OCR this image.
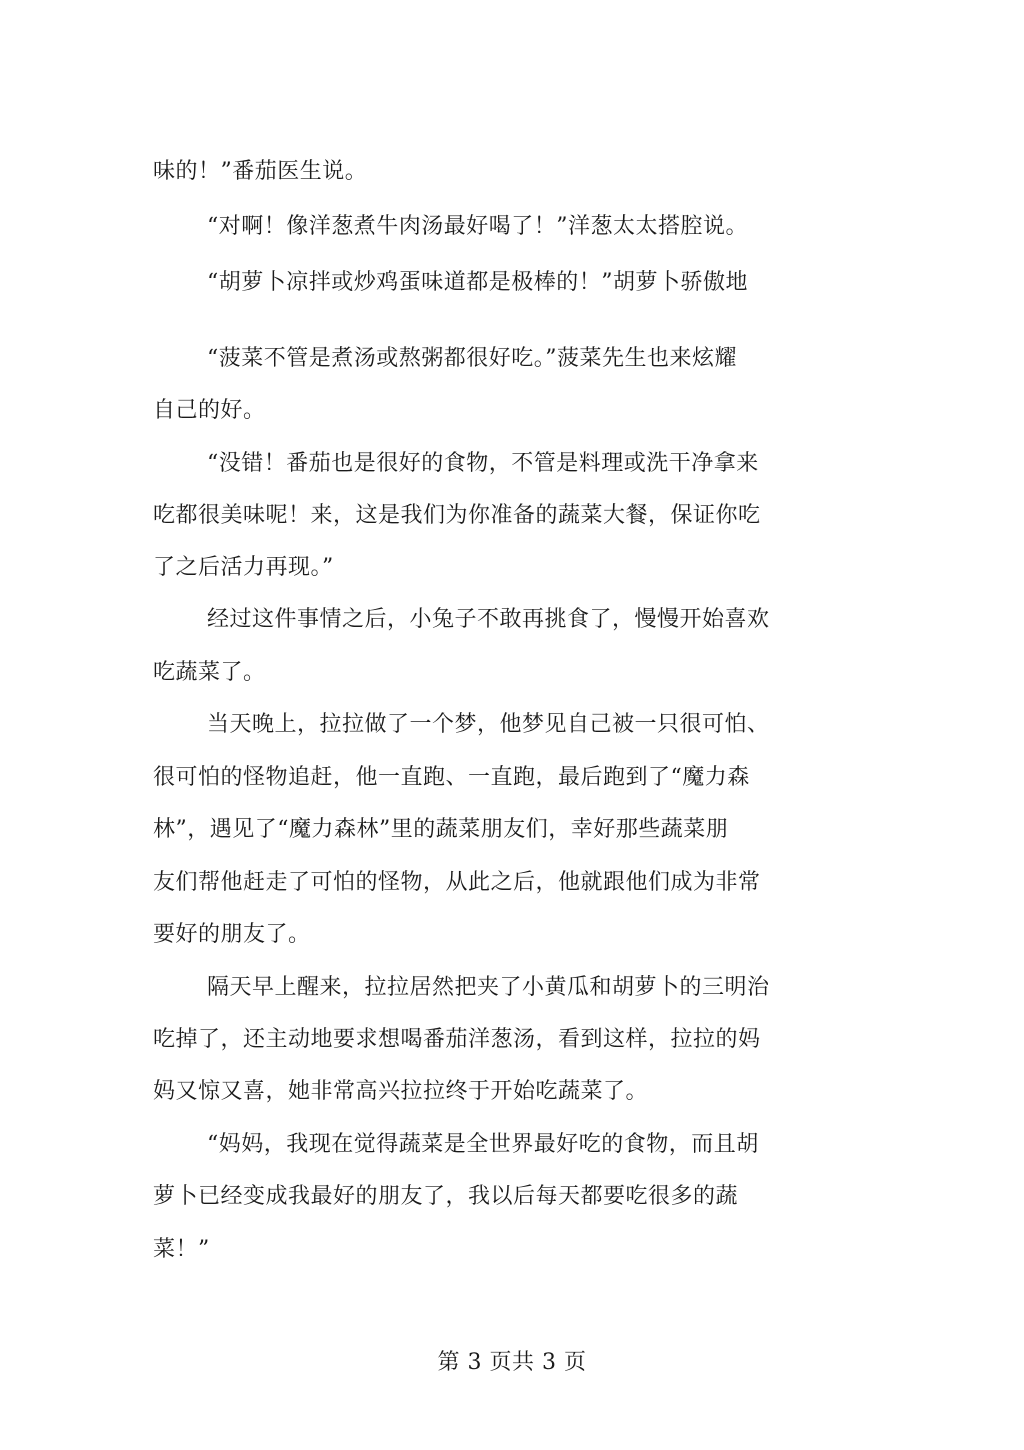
味的！”番茄医生说。
“对啊！像洋葱煮牛肉汤最好喝了！”洋葱太太搭腔说。
“胡萝卜凉拌或炒鸡蛋味道都是极棒的！”胡萝卜骄傲地
“菠菜不管是煮汤或熬粥都很好吃。”菠菜先生也来炫耀
自己的好。
“没错！番茄也是很好的食物，不管是料理或洗干净拿来
吃都很美味呢！来，这是我们为你准备的蔬菜大餐，保证你吃
了之后活力再现。”
经过这件事情之后，小兔子不敢再挑食了，慢慢开始喜欢
吃蔬菜了。
当天晚上，拉拉做了一个梦，他梦见自己被一只很可怕、
很可怕的怪物追赶，他一直跑、一直跑，最后跑到了“魔力森
林”，遇见了“魔力森林”里的蔬菜朋友们，幸好那些蔬菜朋
友们帮他赶走了可怕的怪物，从此之后，他就跟他们成为非常
要好的朋友了。
隔天早上醒来，拉拉居然把夹了小黄瓜和胡萝卜的三明治
吃掉了，还主动地要求想喝番茄洋葱汤，看到这样，拉拉的妈
妈又惊又喜，她非常高兴拉拉终于开始吃蔬菜了。
“妈妈，我现在觉得蔬菜是全世界最好吃的食物，而且胡
萝卜已经变成我最好的朋友了，我以后每天都要吃很多的蔬
菜！”
第 3 页共 3 页
